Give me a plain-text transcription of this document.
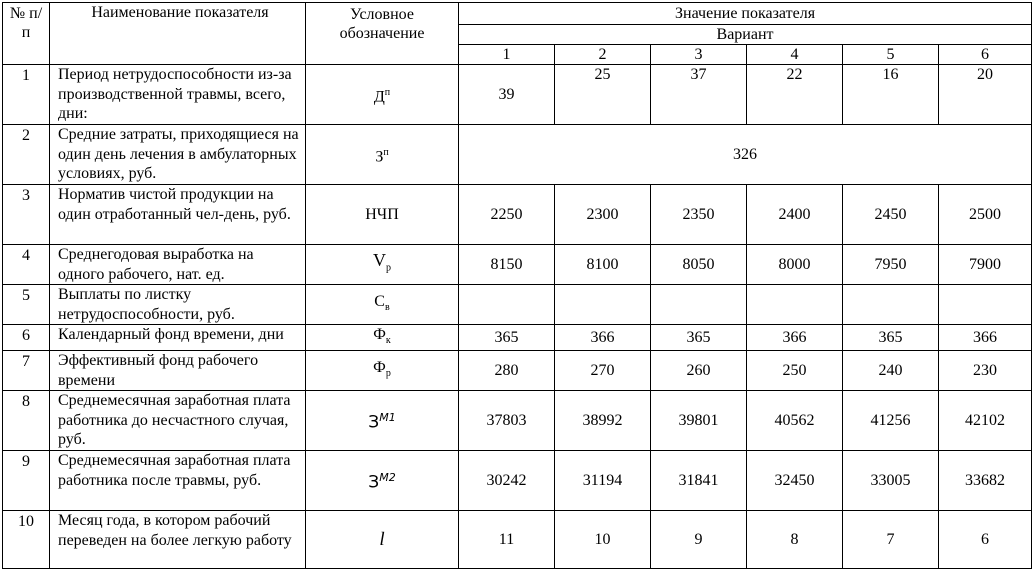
№ п/п	Наименование показателя	Условное обозначение	Значение показателя					
			Вариант					
			1	2	3	4	5	6
1	Период нетрудоспособности из-за производственной травмы, всего, дни:	$Д^п$	39	25	37	22	16	20
2	Средние затраты, приходящиеся на один день лечения в амбулаторных условиях, руб.	$З^п$	326					
3	Норматив чистой продукции на один отработанный чел-день, руб.	НЧП	2250	2300	2350	2400	2450	2500
4	Среднегодовая выработка на одного рабочего, нат. ед.	$V_р$	8150	8100	8050	8000	7950	7900
5	Выплаты по листку нетрудоспособности, руб.	$С_в$						
6	Календарный фонд времени, дни	$Ф_к$	365	366	365	366	365	366
7	Эффективный фонд рабочего времени	$Ф_р$	280	270	260	250	240	230
8	Среднемесячная заработная плата работника до несчастного случая, руб.	$З^{М1}$	37803	38992	39801	40562	41256	42102
9	Среднемесячная заработная плата работника после травмы, руб.	$З^{М2}$	30242	31194	31841	32450	33005	33682
10	Месяц года, в котором рабочий переведен на более легкую работу	l	11	10	9	8	7	6
